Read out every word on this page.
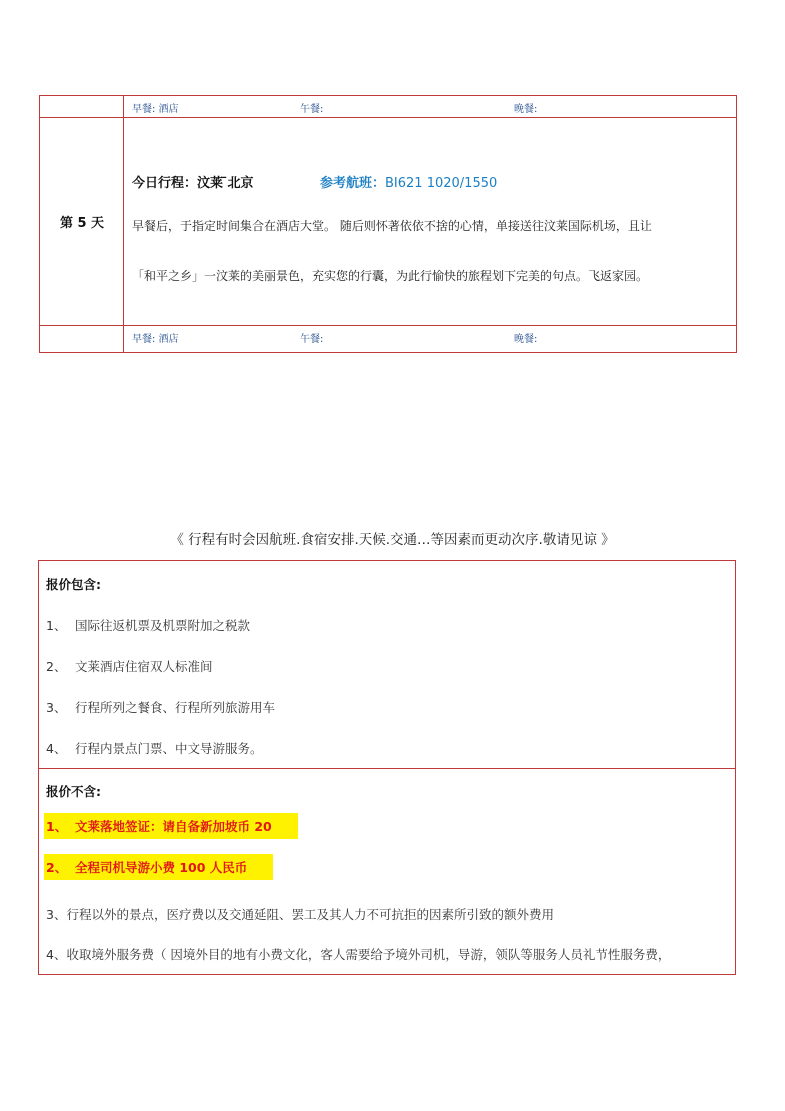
早餐: 酒店	午餐:	晚餐:
第 5 天
今日行程：汶莱 ̄北京	参考航班：BI621 1020/1550

早餐后，于指定时间集合在酒店大堂。 随后则怀著依依不捨的心情，单接送往汶莱国际机场，且让

「和平之乡」一汶莱的美丽景色，充实您的行囊，为此行愉快的旅程划下完美的句点。飞返家园。

早餐: 酒店	午餐:	晚餐:
《 行程有时会因航班.食宿安排.天候.交通…等因素而更动次序.敬请见谅 》
报价包含:
1、 国际往返机票及机票附加之税款
2、 文莱酒店住宿双人标准间
3、 行程所列之餐食、行程所列旅游用车
4、 行程内景点门票、中文导游服务。
报价不含:
1、 文莱落地签证：请自备新加坡币 20
2、 全程司机导游小费 100 人民币
3、行程以外的景点，医疗费以及交通延阻、罢工及其人力不可抗拒的因素所引致的额外费用
4、收取境外服务费（ 因境外目的地有小费文化，客人需要给予境外司机，导游，领队等服务人员礼节性服务费，
